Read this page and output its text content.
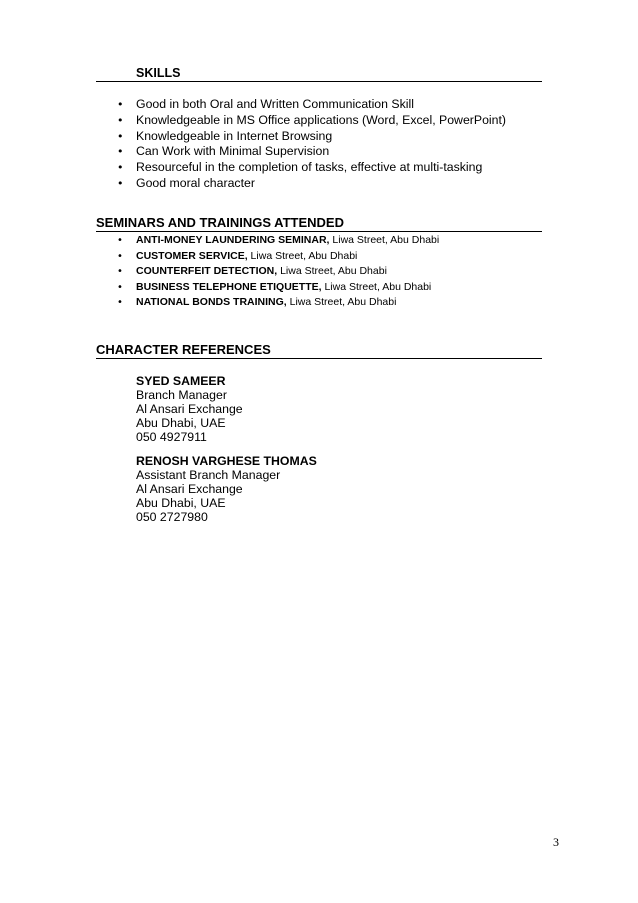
SKILLS
• Good in both Oral and Written Communication Skill
• Knowledgeable in MS Office applications (Word, Excel, PowerPoint)
• Knowledgeable in Internet Browsing
• Can Work with Minimal Supervision
• Resourceful in the completion of tasks, effective at multi-tasking
• Good moral character
SEMINARS AND TRAININGS ATTENDED
• ANTI-MONEY LAUNDERING SEMINAR, Liwa Street, Abu Dhabi
• CUSTOMER SERVICE, Liwa Street, Abu Dhabi
• COUNTERFEIT DETECTION, Liwa Street, Abu Dhabi
• BUSINESS TELEPHONE ETIQUETTE, Liwa Street, Abu Dhabi
• NATIONAL BONDS TRAINING, Liwa Street, Abu Dhabi
CHARACTER REFERENCES
SYED SAMEER
Branch Manager
Al Ansari Exchange
Abu Dhabi, UAE
050 4927911
RENOSH VARGHESE THOMAS
Assistant Branch Manager
Al Ansari Exchange
Abu Dhabi, UAE
050 2727980
3
